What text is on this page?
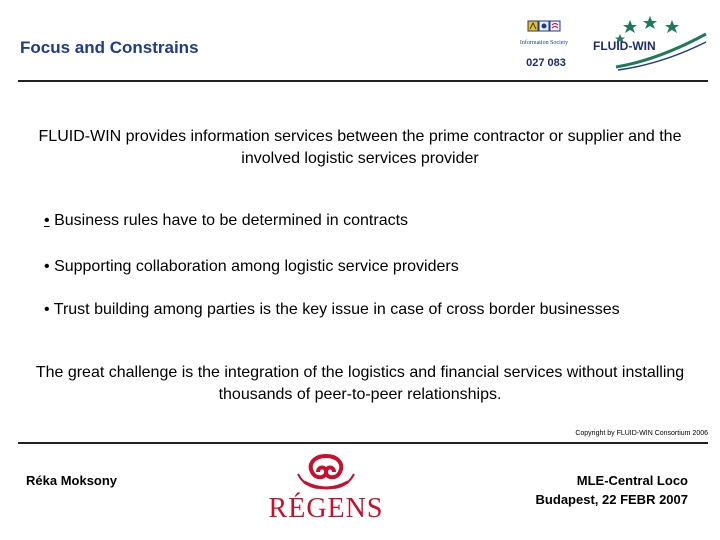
Focus and Constrains	Information Society
027 083
FLUID-WIN

FLUID-WIN provides information services between the prime contractor or supplier and the involved logistic services provider

• Business rules have to be determined in contracts

• Supporting collaboration among logistic service providers

• Trust building among parties is the key issue in case of cross border businesses

The great challenge is the integration of the logistics and financial services without installing thousands of peer-to-peer relationships.

Copyright by FLUID-WIN Consortium 2006

Réka Moksony

RÉGENS

MLE-Central Loco

Budapest, 22 FEBR 2007
